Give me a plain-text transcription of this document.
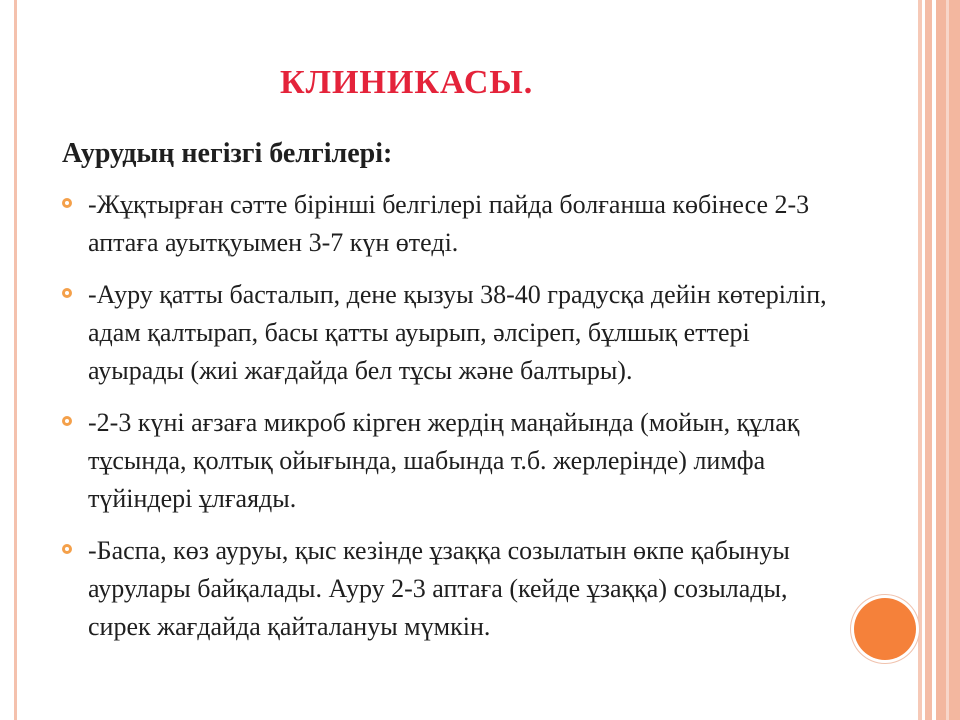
КЛИНИКАСЫ.

Аурудың негізгі белгілері:

-Жұқтырған сәтте бірінші белгілері пайда болғанша көбінесе 2-3 аптаға ауытқуымен 3-7 күн өтеді.
-Ауру қатты басталып, дене қызуы 38-40 градусқа дейін көтеріліп, адам қалтырап, басы қатты ауырып, әлсіреп, бұлшық еттері ауырады (жиі жағдайда бел тұсы және балтыры).
-2-3 күні ағзаға микроб кірген жердің маңайында (мойын, құлақ тұсында, қолтық ойығында, шабында т.б. жерлерінде) лимфа түйіндері ұлғаяды.
-Баспа, көз ауруы, қыс кезінде ұзаққа созылатын өкпе қабынуы аурулары байқалады. Ауру 2-3 аптаға (кейде ұзаққа) созылады, сирек жағдайда қайталануы мүмкін.
